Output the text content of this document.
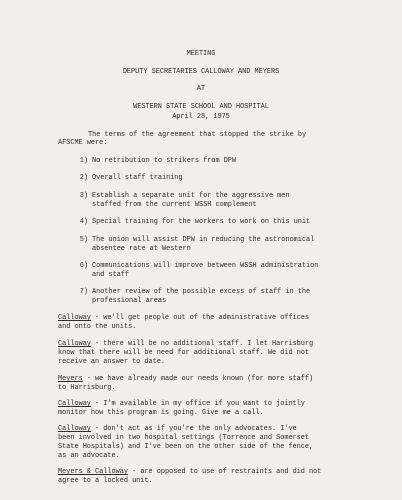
MEETING
DEPUTY SECRETARIES CALLOWAY AND MEYERS
AT
WESTERN STATE SCHOOL AND HOSPITAL
April 28, 1975
The terms of the agreement that stopped the strike by
AFSCME were:
1) No retribution to strikers from DPW
2) Overall staff training
3) Establish a separate unit for the aggressive men
staffed from the current WSSH complement
4) Special training for the workers to work on this unit
5) The union will assist DPW in reducing the astronomical
absentee rate at Western
6) Communications will improve between WSSH administration
and staff
7) Another review of the possible excess of staff in the
professional areas
Calloway - we'll get people out of the administrative offices
and onto the units.
Calloway - there will be no additional staff. I let Harrisburg
know that there will be need for additional staff. We did not
receive an answer to date.
Meyers - we have already made our needs known (for more staff)
to Harrisburg.
Calloway - I'm available in my office if you want to jointly
monitor how this program is going. Give me a call.
Calloway - don't act as if you're the only advocates. I've
been involved in two hospital settings (Torrence and Somerset
State Hospitals) and I've been on the other side of the fence,
as an advocate.
Meyers & Calloway - are opposed to use of restraints and did not
agree to a locked unit.
